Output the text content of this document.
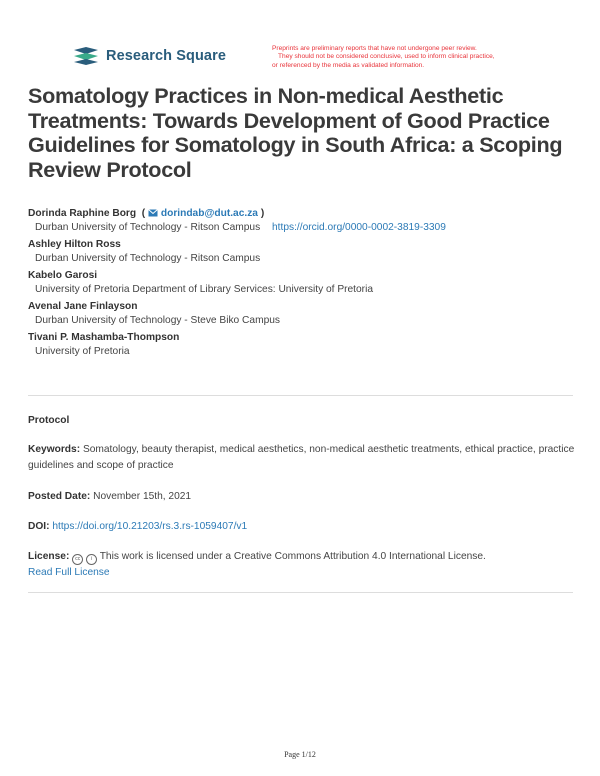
Research Square	Preprints are preliminary reports that have not undergone peer review.
They should not be considered conclusive, used to inform clinical practice,
or referenced by the media as validated information.
Somatology Practices in Non-medical Aesthetic Treatments: Towards Development of Good Practice Guidelines for Somatology in South Africa: a Scoping Review Protocol
Dorinda Raphine Borg  ( dorindab@dut.ac.za )
Durban University of Technology - Ritson Campus https://orcid.org/0000-0002-3819-3309
Ashley Hilton Ross
Durban University of Technology - Ritson Campus
Kabelo Garosi
University of Pretoria Department of Library Services: University of Pretoria
Avenal Jane Finlayson
Durban University of Technology - Steve Biko Campus
Tivani P. Mashamba-Thompson
University of Pretoria
Protocol
Keywords: Somatology, beauty therapist, medical aesthetics, non-medical aesthetic treatments, ethical practice, practice guidelines and scope of practice
Posted Date: November 15th, 2021
DOI: https://doi.org/10.21203/rs.3.rs-1059407/v1
License: cc i This work is licensed under a Creative Commons Attribution 4.0 International License.
Read Full License
Page 1/12
